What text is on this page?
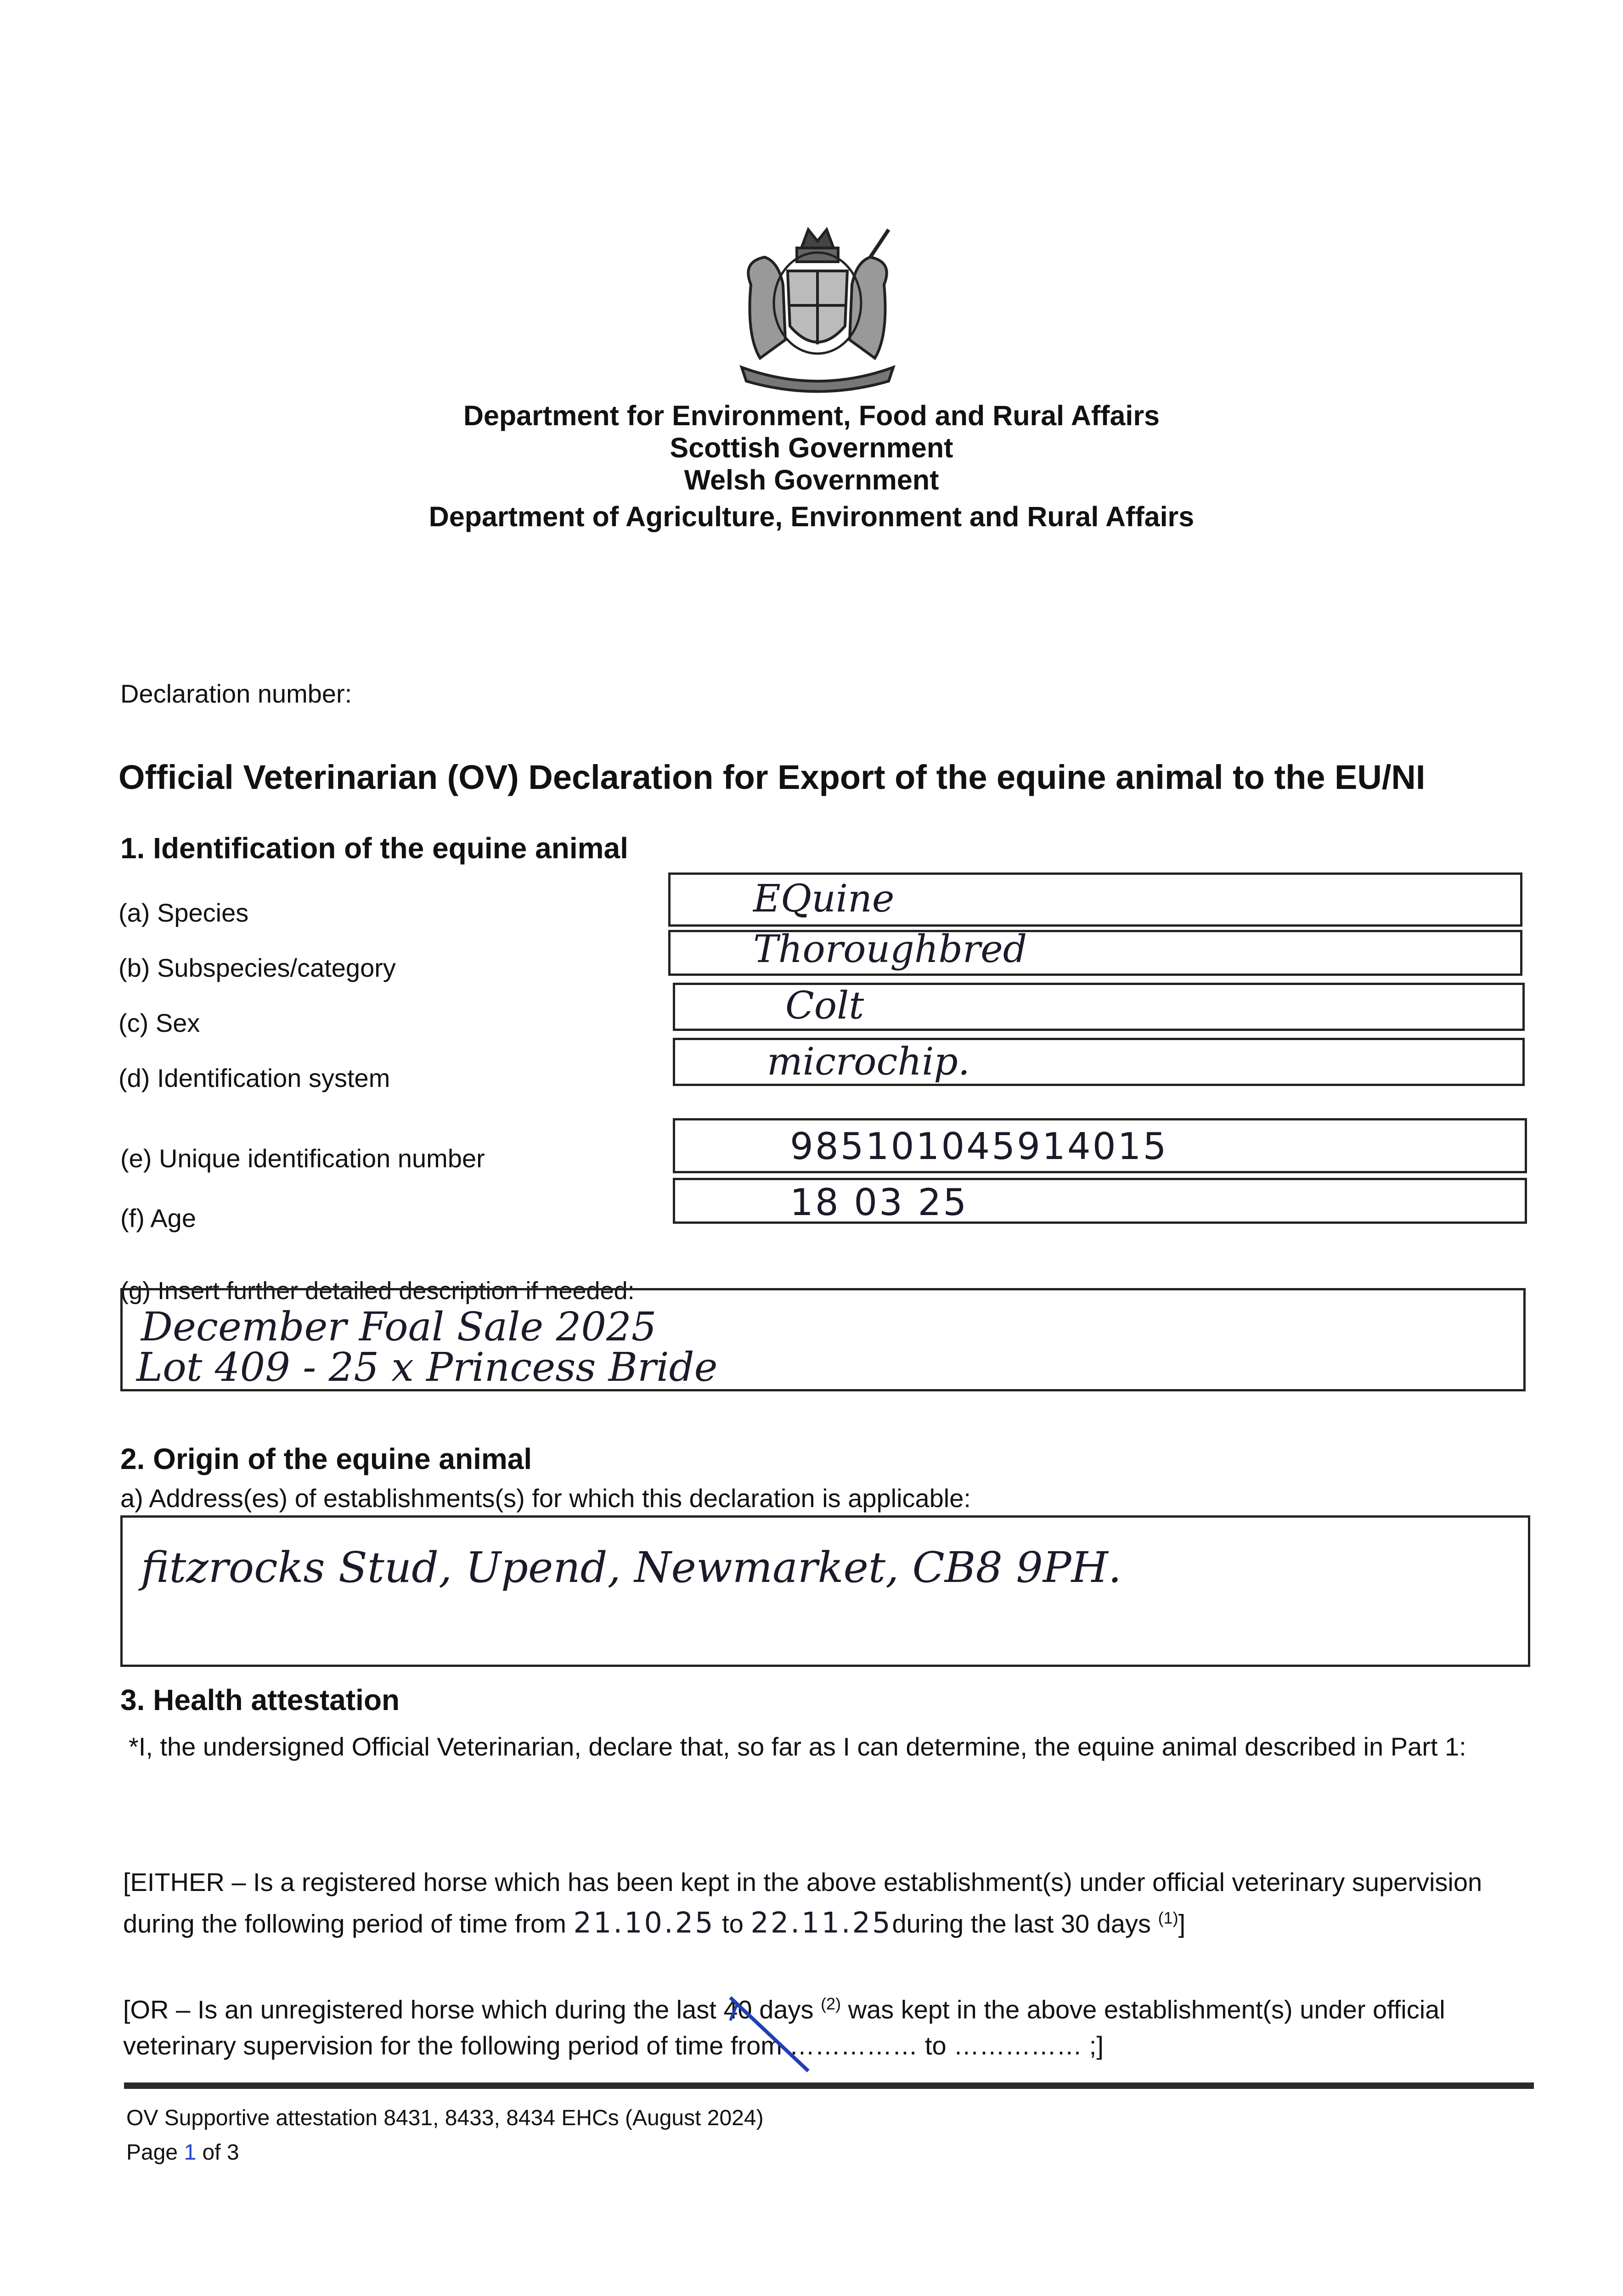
Department for Environment, Food and Rural Affairs
Scottish Government
Welsh Government
Department of Agriculture, Environment and Rural Affairs
Declaration number:
Official Veterinarian (OV) Declaration for Export of the equine animal to the EU/NI
1. Identification of the equine animal
(a) Species	EQuine
(b) Subspecies/category	Thoroughbred
(c) Sex	Colt
(d) Identification system	microchip.
(e) Unique identification number	985101045914015
(f) Age	18 03 25
(g) Insert further detailed description if needed:
December Foal Sale 2025
Lot 409 - 25 x Princess Bride
2. Origin of the equine animal
a) Address(es) of establishments(s) for which this declaration is applicable:
fitzrocks Stud, Upend, Newmarket, CB8 9PH.
3. Health attestation
*I, the undersigned Official Veterinarian, declare that, so far as I can determine, the equine animal described in Part 1:
[EITHER – Is a registered horse which has been kept in the above establishment(s) under official veterinary supervision during the following period of time from 21.10.25 to 22.11.25during the last 30 days $^{(1)}$]
[OR – Is an unregistered horse which during the last 40 days $^{(2)}$ was kept in the above establishment(s) under official veterinary supervision for the following period of time from …………… to …………… ;]
OV Supportive attestation 8431, 8433, 8434 EHCs (August 2024)
Page 1 of 3
